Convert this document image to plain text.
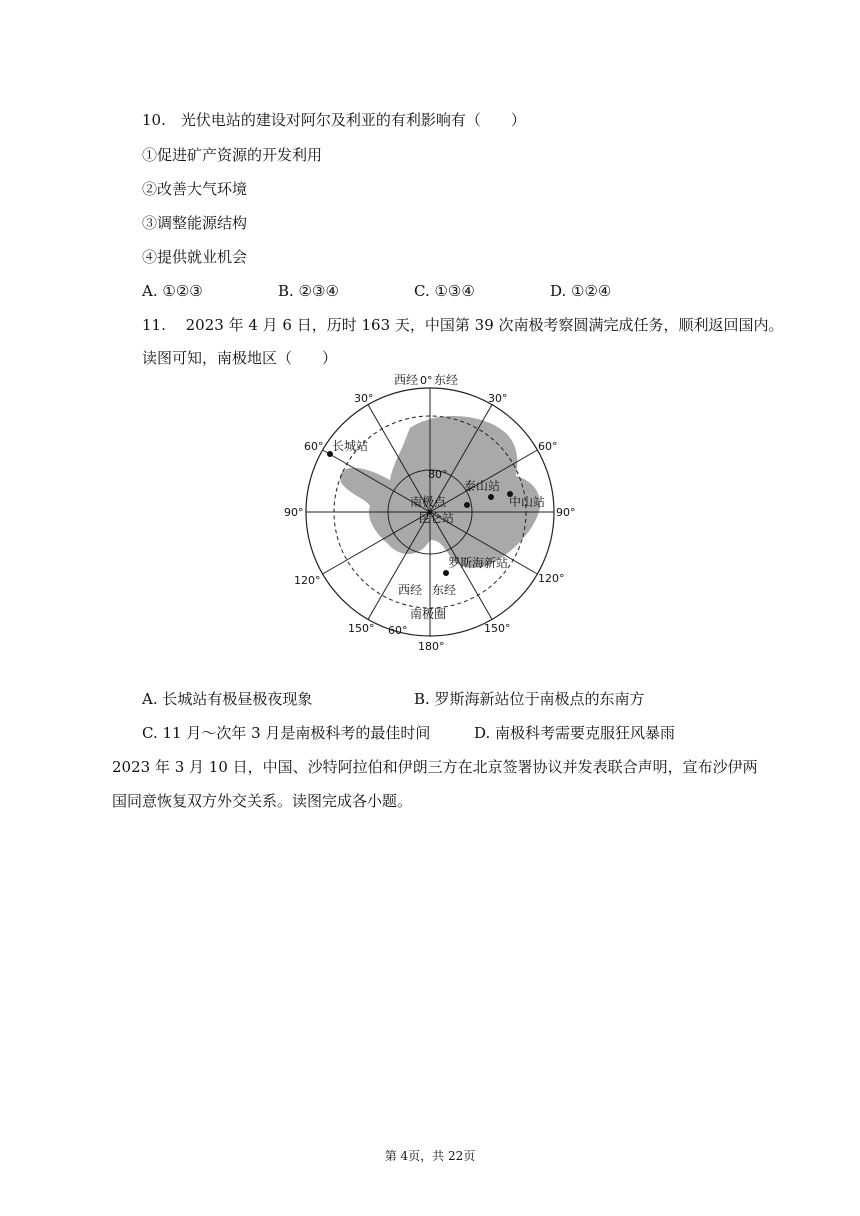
10.　光伏电站的建设对阿尔及利亚的有利影响有（　　）
①促进矿产资源的开发利用
②改善大气环境
③调整能源结构
④提供就业机会
A. ①②③	B. ②③④	C. ①③④	D. ①②④
11.　 2023 年 4 月 6 日，历时 163 天，中国第 39 次南极考察圆满完成任务，顺利返回国内。
读图可知，南极地区（　　）
西经 0° 东经
长城站
泰山站
中山站
南极点
昆仑站
80°
罗斯海新站
西经 东经
南极圈
30°	30°
60°	60°
90°	90°
120°	120°
150° 60°	150°
180°
A. 长城站有极昼极夜现象	B. 罗斯海新站位于南极点的东南方
C. 11 月～次年 3 月是南极科考的最佳时间	D. 南极科考需要克服狂风暴雨
2023 年 3 月 10 日，中国、沙特阿拉伯和伊朗三方在北京签署协议并发表联合声明，宣布沙伊两
国同意恢复双方外交关系。读图完成各小题。
第 4页，共 22页
